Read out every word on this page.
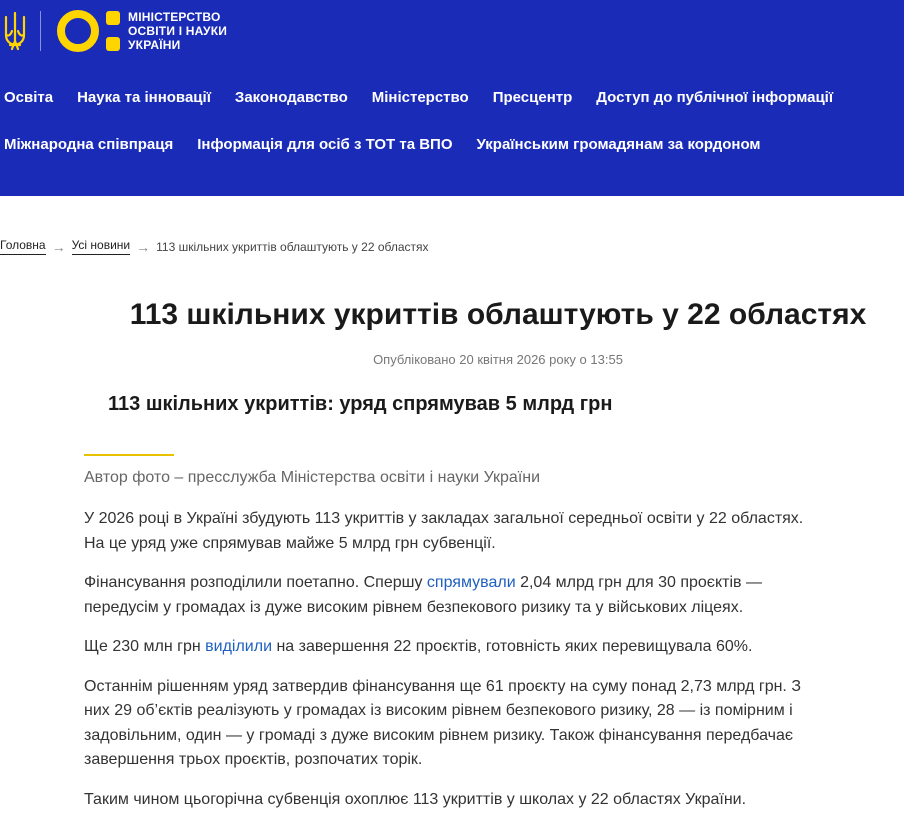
МІНІСТЕРСТВО
ОСВІТИ І НАУКИ
УКРАЇНИ
Освіта Наука та інновації Законодавство Міністерство Пресцентр Доступ до публічної інформації
Міжнародна співпраця Інформація для осіб з ТОТ та ВПО Українським громадянам за кордоном
Головна → Усі новини → 113 шкільних укриттів облаштують у 22 областях
113 шкільних укриттів облаштують у 22 областях
Опубліковано 20 квітня 2026 року о 13:55
113 шкільних укриттів: уряд спрямував 5 млрд грн

Автор фото – пресслужба Міністерства освіти і науки України

У 2026 році в Україні збудують 113 укриттів у закладах загальної середньої освіти у 22 областях. На це уряд уже спрямував майже 5 млрд грн субвенції.

Фінансування розподілили поетапно. Спершу спрямували 2,04 млрд грн для 30 проєктів — передусім у громадах із дуже високим рівнем безпекового ризику та у військових ліцеях.

Ще 230 млн грн виділили на завершення 22 проєктів, готовність яких перевищувала 60%.

Останнім рішенням уряд затвердив фінансування ще 61 проєкту на суму понад 2,73 млрд грн. З них 29 об’єктів реалізують у громадах із високим рівнем безпекового ризику, 28 — із помірним і задовільним, один — у громаді з дуже високим рівнем ризику. Також фінансування передбачає завершення трьох проєктів, розпочатих торік.

Таким чином цьогорічна субвенція охоплює 113 укриттів у школах у 22 областях України.
